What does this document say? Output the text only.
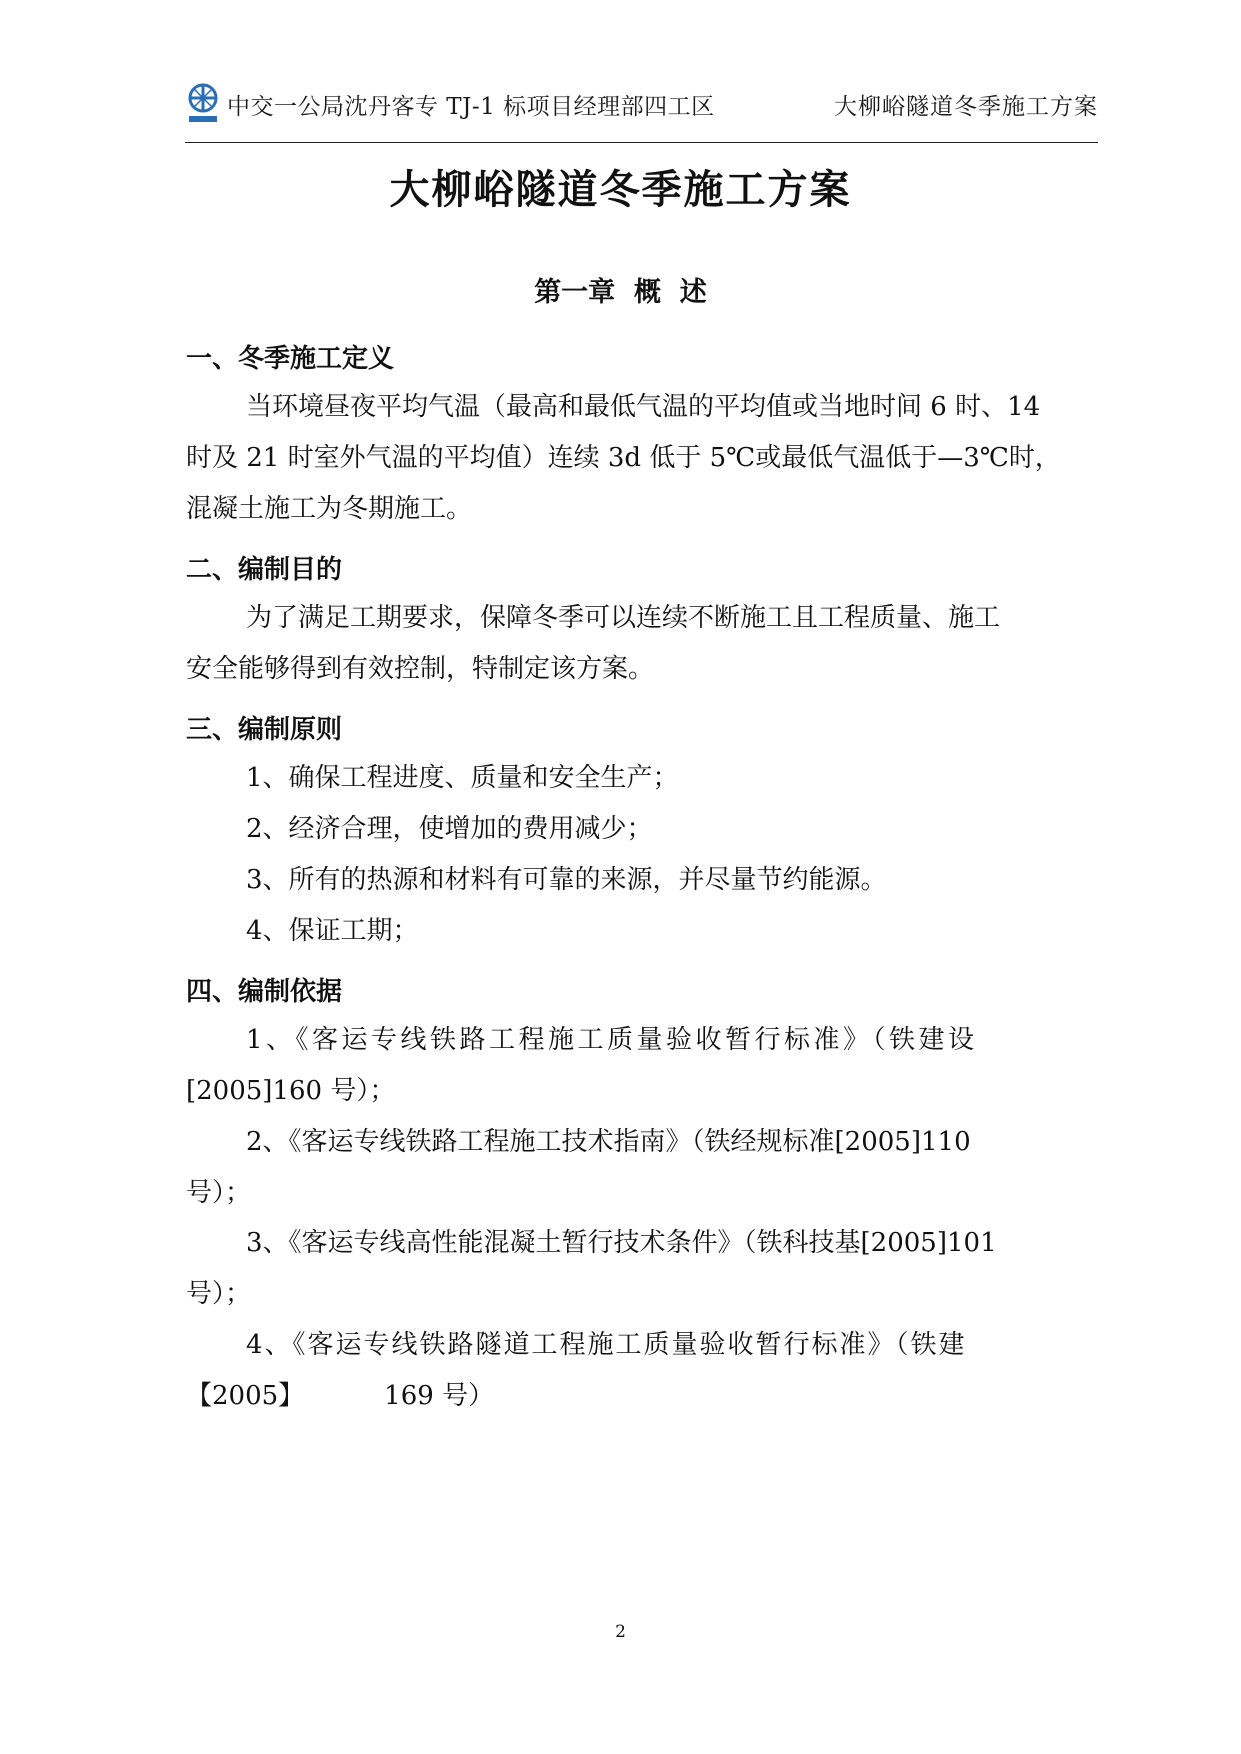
中交一公局沈丹客专 TJ-1 标项目经理部四工区	大柳峪隧道冬季施工方案
大柳峪隧道冬季施工方案
第一章  概  述
一、冬季施工定义
当环境昼夜平均气温（最高和最低气温的平均值或当地时间 6 时、14
时及 21 时室外气温的平均值）连续 3d 低于 5℃或最低气温低于—3℃时，
混凝土施工为冬期施工。
二、编制目的
为了满足工期要求，保障冬季可以连续不断施工且工程质量、施工
安全能够得到有效控制，特制定该方案。
三、编制原则
1、确保工程进度、质量和安全生产；
2、经济合理，使增加的费用减少；
3、所有的热源和材料有可靠的来源，并尽量节约能源。
4、保证工期；
四、编制依据
1、《客运专线铁路工程施工质量验收暂行标准》（铁建设
[2005]160 号）；
2、《客运专线铁路工程施工技术指南》（铁经规标准[2005]110
号）；
3、《客运专线高性能混凝土暂行技术条件》（铁科技基[2005]101
号）；
4、《客运专线铁路隧道工程施工质量验收暂行标准》（铁建
【2005】	169 号）
2
